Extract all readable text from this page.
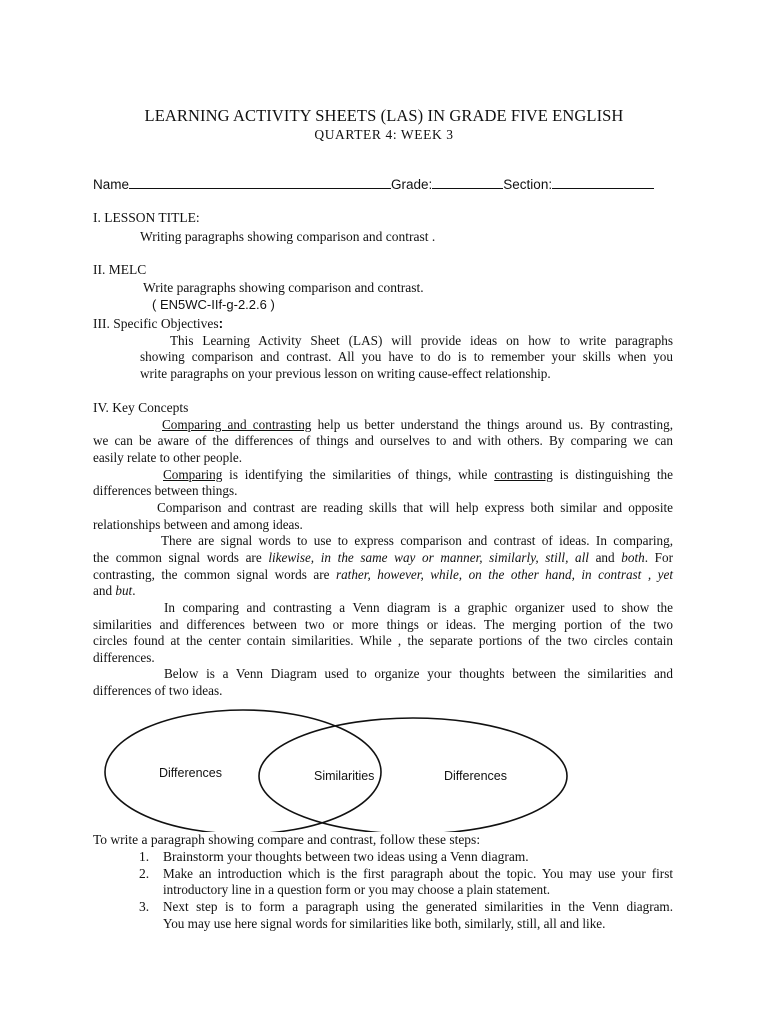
LEARNING ACTIVITY SHEETS (LAS) IN GRADE FIVE ENGLISH
QUARTER 4: WEEK 3
Name	Grade:	Section:
I. LESSON TITLE:
Writing paragraphs showing comparison and contrast .
II. MELC
Write paragraphs showing comparison and contrast.
( EN5WC-IIf-g-2.2.6 )
III. Specific Objectives:
This Learning Activity Sheet (LAS) will provide ideas on how to write paragraphs
showing comparison and contrast. All you have to do is to remember your skills when you
write paragraphs on your previous lesson on writing cause-effect relationship.
IV. Key Concepts
Comparing and contrasting help us better understand the things around us. By contrasting,
we can be aware of the differences of things and ourselves to and with others. By comparing we can
easily relate to other people.
Comparing is identifying the similarities of things, while contrasting is distinguishing the
differences between things.
Comparison and contrast are reading skills that will help express both similar and opposite
relationships between and among ideas.
There are signal words to use to express comparison and contrast of ideas. In comparing,
the common signal words are likewise, in the same way or manner, similarly, still, all and both. For
contrasting, the common signal words are rather, however, while, on the other hand, in contrast , yet
and but.
In comparing and contrasting a Venn diagram is a graphic organizer used to show the
similarities and differences between two or more things or ideas. The merging portion of the two
circles found at the center contain similarities. While , the separate portions of the two circles contain
differences.
Below is a Venn Diagram used to organize your thoughts between the similarities and
differences of two ideas.
Differences	Similarities	Differences
To write a paragraph showing compare and contrast, follow these steps:
1. Brainstorm your thoughts between two ideas using a Venn diagram.
2. Make an introduction which is the first paragraph about the topic. You may use your first
introductory line in a question form or you may choose a plain statement.
3. Next step is to form a paragraph using the generated similarities in the Venn diagram.
You may use here signal words for similarities like both, similarly, still, all and like.
